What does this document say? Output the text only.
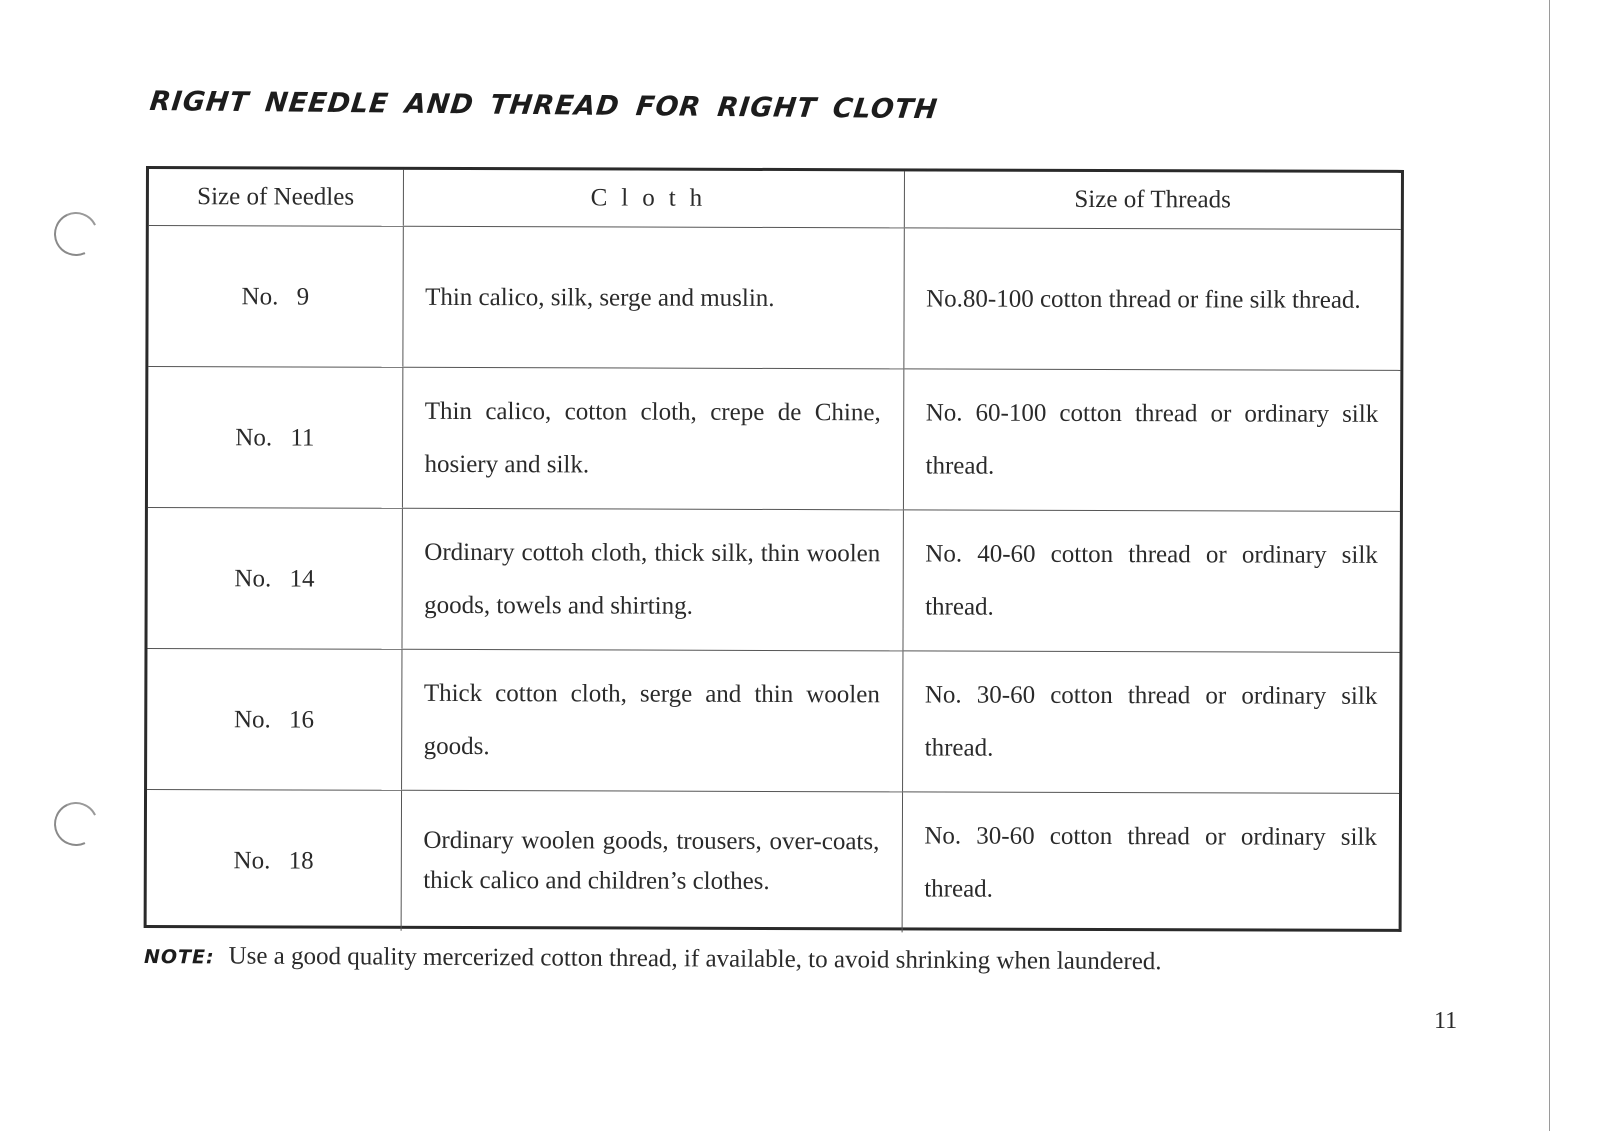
RIGHT NEEDLE AND THREAD FOR RIGHT CLOTH
Size of Needles	Cloth	Size of Threads
No. 9	Thin calico, silk, serge and muslin.	No.80-100 cotton thread or fine silk thread.
No. 11	Thin calico, cotton cloth, crepe de Chine, hosiery and silk.	No. 60-100 cotton thread or ordinary silk thread.
No. 14	Ordinary cottoh cloth, thick silk, thin woolen goods, towels and shirting.	No. 40-60 cotton thread or ordinary silk thread.
No. 16	Thick cotton cloth, serge and thin woolen goods.	No. 30-60 cotton thread or ordinary silk thread.
No. 18	Ordinary woolen goods, trousers, over-coats, thick calico and children’s clothes.	No. 30-60 cotton thread or ordinary silk thread.
NOTE: Use a good quality mercerized cotton thread, if available, to avoid shrinking when laundered.
11
